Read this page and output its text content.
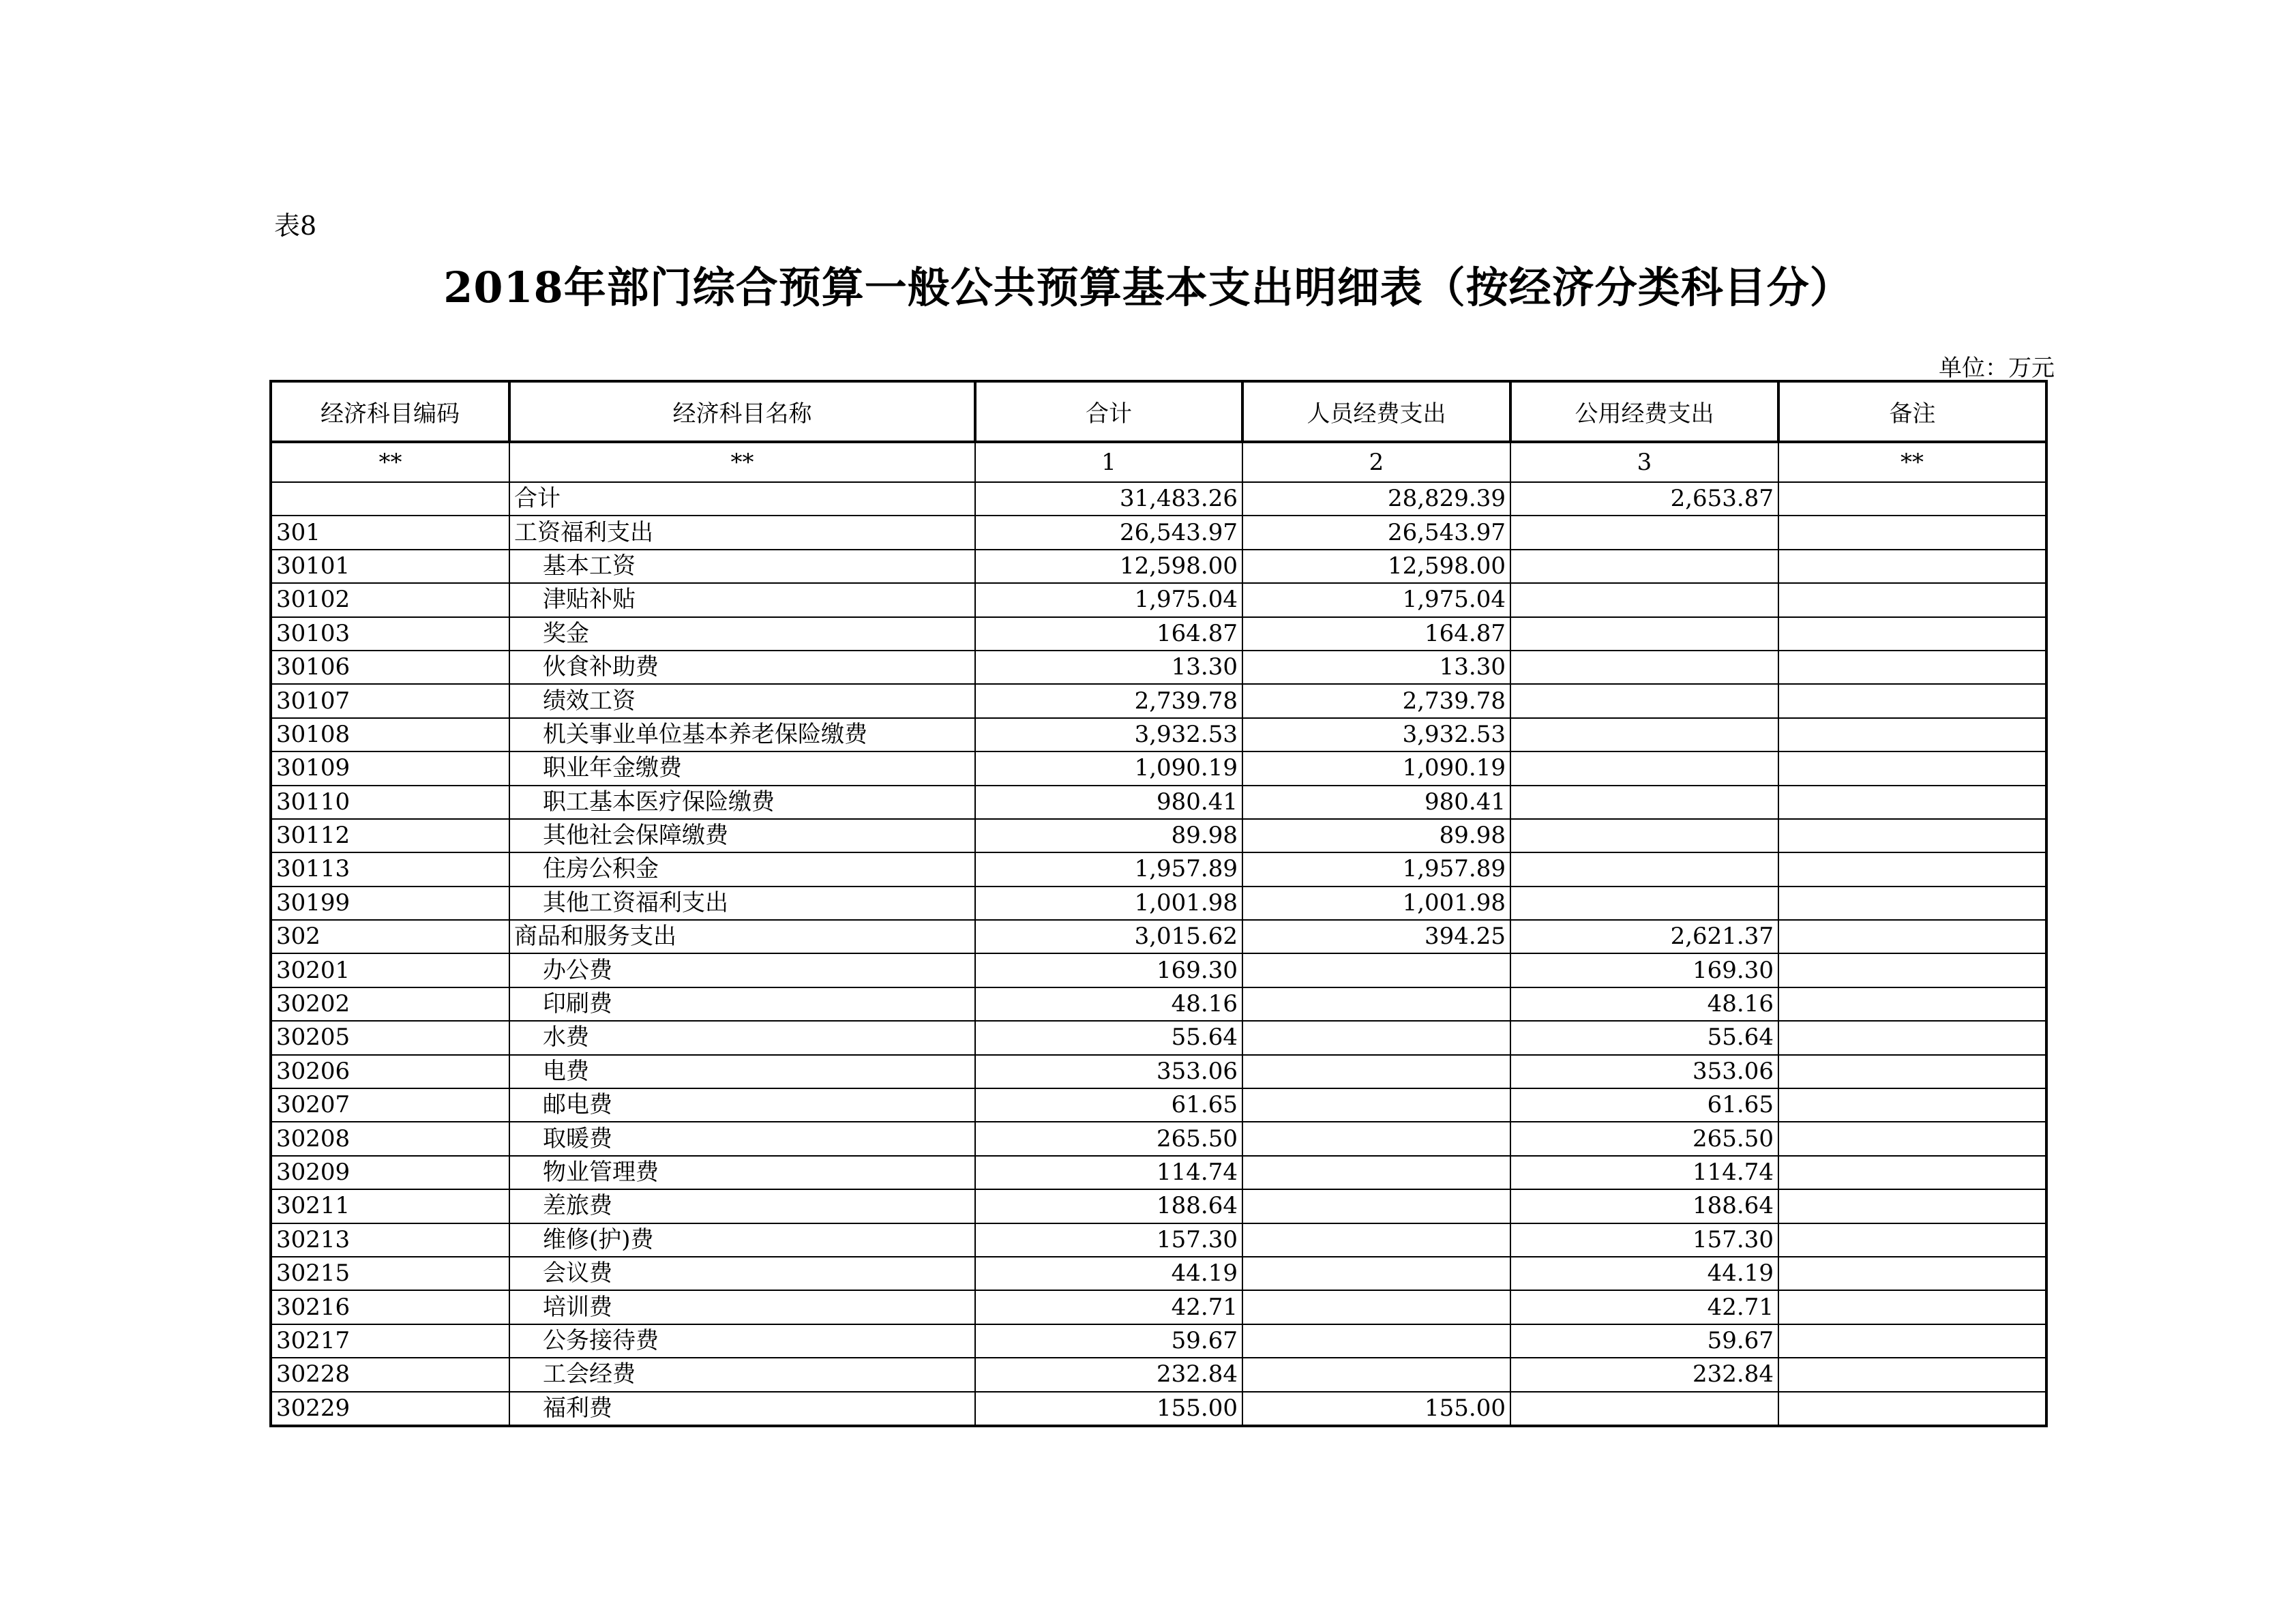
表8
2018年部门综合预算一般公共预算基本支出明细表（按经济分类科目分）
单位：万元
经济科目编码	经济科目名称	合计	人员经费支出	公用经费支出	备注
**	**	1	2	3	**
	合计	31,483.26	28,829.39	2,653.87	
301	工资福利支出	26,543.97	26,543.97		
30101	基本工资	12,598.00	12,598.00		
30102	津贴补贴	1,975.04	1,975.04		
30103	奖金	164.87	164.87		
30106	伙食补助费	13.30	13.30		
30107	绩效工资	2,739.78	2,739.78		
30108	机关事业单位基本养老保险缴费	3,932.53	3,932.53		
30109	职业年金缴费	1,090.19	1,090.19		
30110	职工基本医疗保险缴费	980.41	980.41		
30112	其他社会保障缴费	89.98	89.98		
30113	住房公积金	1,957.89	1,957.89		
30199	其他工资福利支出	1,001.98	1,001.98		
302	商品和服务支出	3,015.62	394.25	2,621.37	
30201	办公费	169.30		169.30	
30202	印刷费	48.16		48.16	
30205	水费	55.64		55.64	
30206	电费	353.06		353.06	
30207	邮电费	61.65		61.65	
30208	取暖费	265.50		265.50	
30209	物业管理费	114.74		114.74	
30211	差旅费	188.64		188.64	
30213	维修(护)费	157.30		157.30	
30215	会议费	44.19		44.19	
30216	培训费	42.71		42.71	
30217	公务接待费	59.67		59.67	
30228	工会经费	232.84		232.84	
30229	福利费	155.00	155.00		
